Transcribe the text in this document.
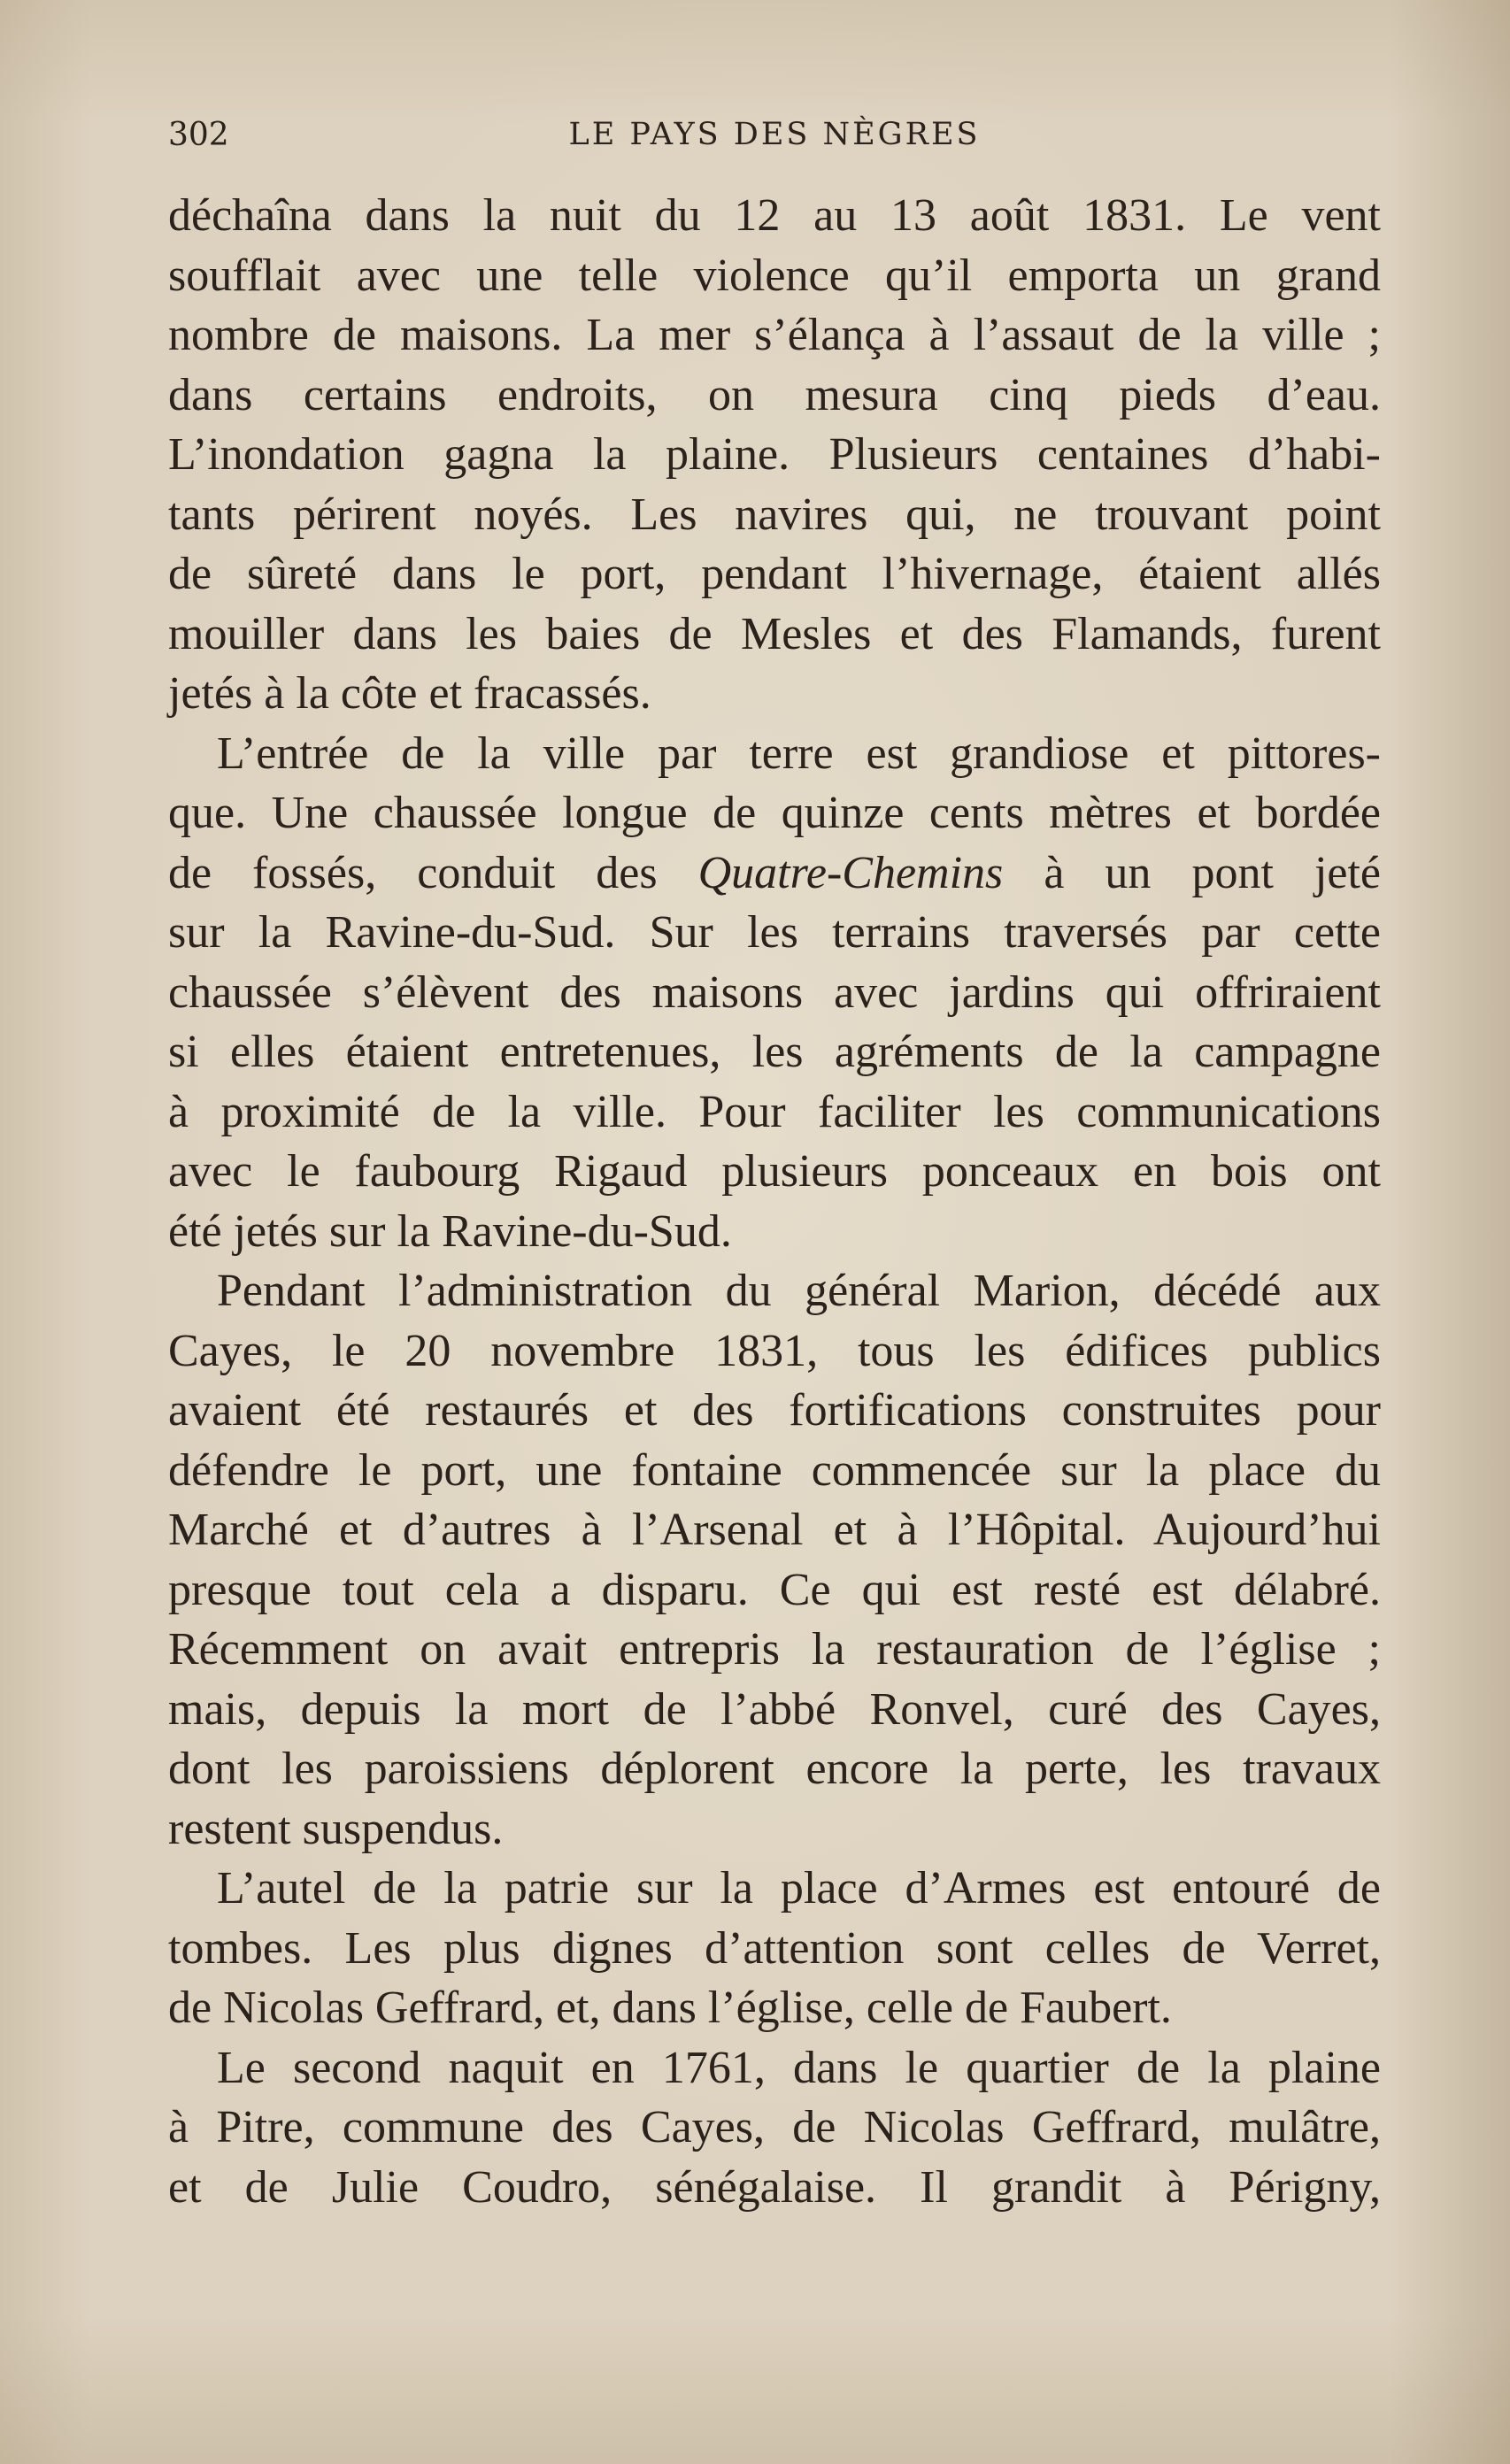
302	LE PAYS DES NÈGRES
déchaîna dans la nuit du 12 au 13 août 1831. Le vent
soufflait avec une telle violence qu’il emporta un grand
nombre de maisons. La mer s’élança à l’assaut de la ville ;
dans certains endroits, on mesura cinq pieds d’eau.
L’inondation gagna la plaine. Plusieurs centaines d’habi-
tants périrent noyés. Les navires qui, ne trouvant point
de sûreté dans le port, pendant l’hivernage, étaient allés
mouiller dans les baies de Mesles et des Flamands, furent
jetés à la côte et fracassés.
L’entrée de la ville par terre est grandiose et pittores-
que. Une chaussée longue de quinze cents mètres et bordée
de fossés, conduit des Quatre-Chemins à un pont jeté
sur la Ravine-du-Sud. Sur les terrains traversés par cette
chaussée s’élèvent des maisons avec jardins qui offriraient
si elles étaient entretenues, les agréments de la campagne
à proximité de la ville. Pour faciliter les communications
avec le faubourg Rigaud plusieurs ponceaux en bois ont
été jetés sur la Ravine-du-Sud.
Pendant l’administration du général Marion, décédé aux
Cayes, le 20 novembre 1831, tous les édifices publics
avaient été restaurés et des fortifications construites pour
défendre le port, une fontaine commencée sur la place du
Marché et d’autres à l’Arsenal et à l’Hôpital. Aujourd’hui
presque tout cela a disparu. Ce qui est resté est délabré.
Récemment on avait entrepris la restauration de l’église ;
mais, depuis la mort de l’abbé Ronvel, curé des Cayes,
dont les paroissiens déplorent encore la perte, les travaux
restent suspendus.
L’autel de la patrie sur la place d’Armes est entouré de
tombes. Les plus dignes d’attention sont celles de Verret,
de Nicolas Geffrard, et, dans l’église, celle de Faubert.
Le second naquit en 1761, dans le quartier de la plaine
à Pitre, commune des Cayes, de Nicolas Geffrard, mulâtre,
et de Julie Coudro, sénégalaise. Il grandit à Périgny,
